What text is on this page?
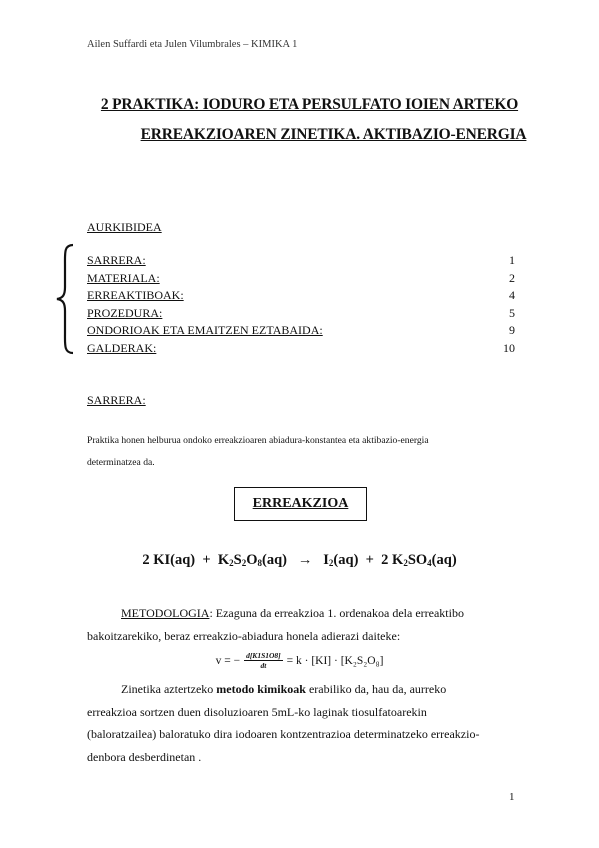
Ailen Suffardi eta Julen Vilumbrales – KIMIKA 1
2 PRAKTIKA: IODURO ETA PERSULFATO IOIEN ARTEKO
ERREAKZIOAREN ZINETIKA. AKTIBAZIO-ENERGIA
AURKIBIDEA
SARRERA:	1
MATERIALA:	2
ERREAKTIBOAK:	4
PROZEDURA:	5
ONDORIOAK ETA EMAITZEN EZTABAIDA:	9
GALDERAK:	10
SARRERA:
Praktika honen helburua ondoko erreakzioaren abiadura-konstantea eta aktibazio-energia
determinatzea da.
ERREAKZIOA
2 $KI(aq) + K_2S_2O_8(aq) \to I_2(aq) + 2$ $K_2SO_4(aq)$
METODOLOGIA: Ezaguna da erreakzioa 1. ordenakoa dela erreaktibo
bakoitzarekiko, beraz erreakzio-abiadura honela adierazi daiteke:
v = − $\frac{d[K1S1O8]}{dt} = k \cdot [KI] \cdot [K_2S_2O_8]$
Zinetika aztertzeko metodo kimikoak erabiliko da, hau da, aurreko
erreakzioa sortzen duen disoluzioaren 5mL-ko laginak tiosulfatoarekin
(baloratzailea) baloratuko dira iodoaren kontzentrazioa determinatzeko erreakzio-
denbora desberdinetan .
1
